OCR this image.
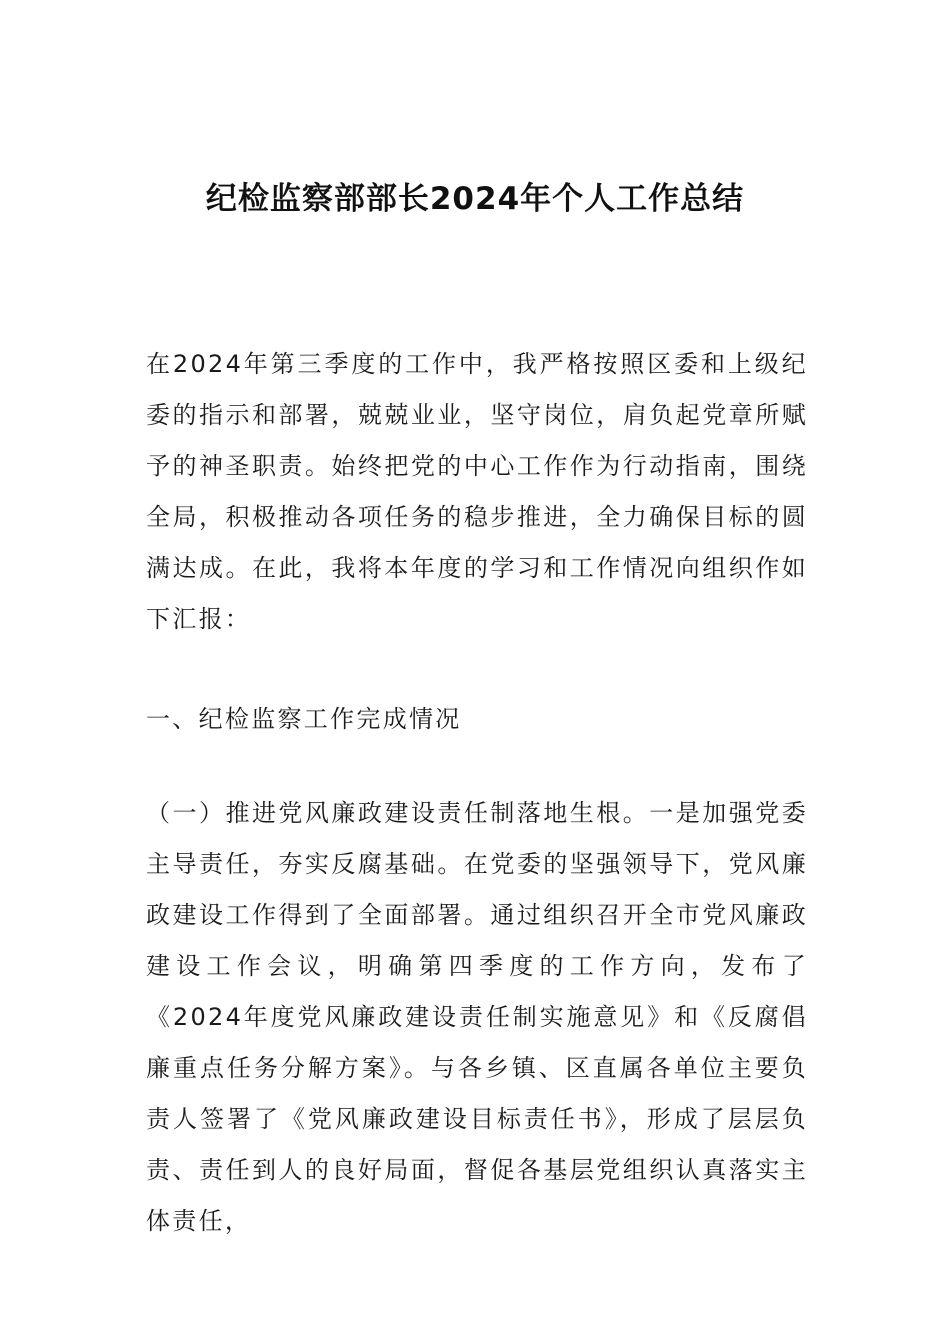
纪检监察部部长2024年个人工作总结

在2024年第三季度的工作中，我严格按照区委和上级纪委的指示和部署，兢兢业业，坚守岗位，肩负起党章所赋予的神圣职责。始终把党的中心工作作为行动指南，围绕全局，积极推动各项任务的稳步推进，全力确保目标的圆满达成。在此，我将本年度的学习和工作情况向组织作如下汇报：

一、纪检监察工作完成情况

（一）推进党风廉政建设责任制落地生根。一是加强党委主导责任，夯实反腐基础。在党委的坚强领导下，党风廉政建设工作得到了全面部署。通过组织召开全市党风廉政建设工作会议，明确第四季度的工作方向，发布了《2024年度党风廉政建设责任制实施意见》和《反腐倡廉重点任务分解方案》。与各乡镇、区直属各单位主要负责人签署了《党风廉政建设目标责任书》，形成了层层负责、责任到人的良好局面，督促各基层党组织认真落实主体责任，
